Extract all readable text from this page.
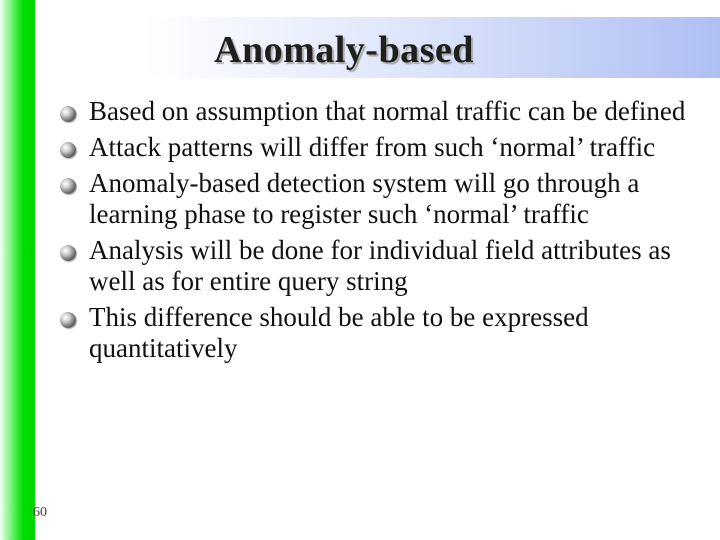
Anomaly-based
Based on assumption that normal traffic can be defined
Attack patterns will differ from such ‘normal’ traffic
Anomaly-based detection system will go through a learning phase to register such ‘normal’ traffic
Analysis will be done for individual field attributes as well as for entire query string
This difference should be able to be expressed quantitatively
60
